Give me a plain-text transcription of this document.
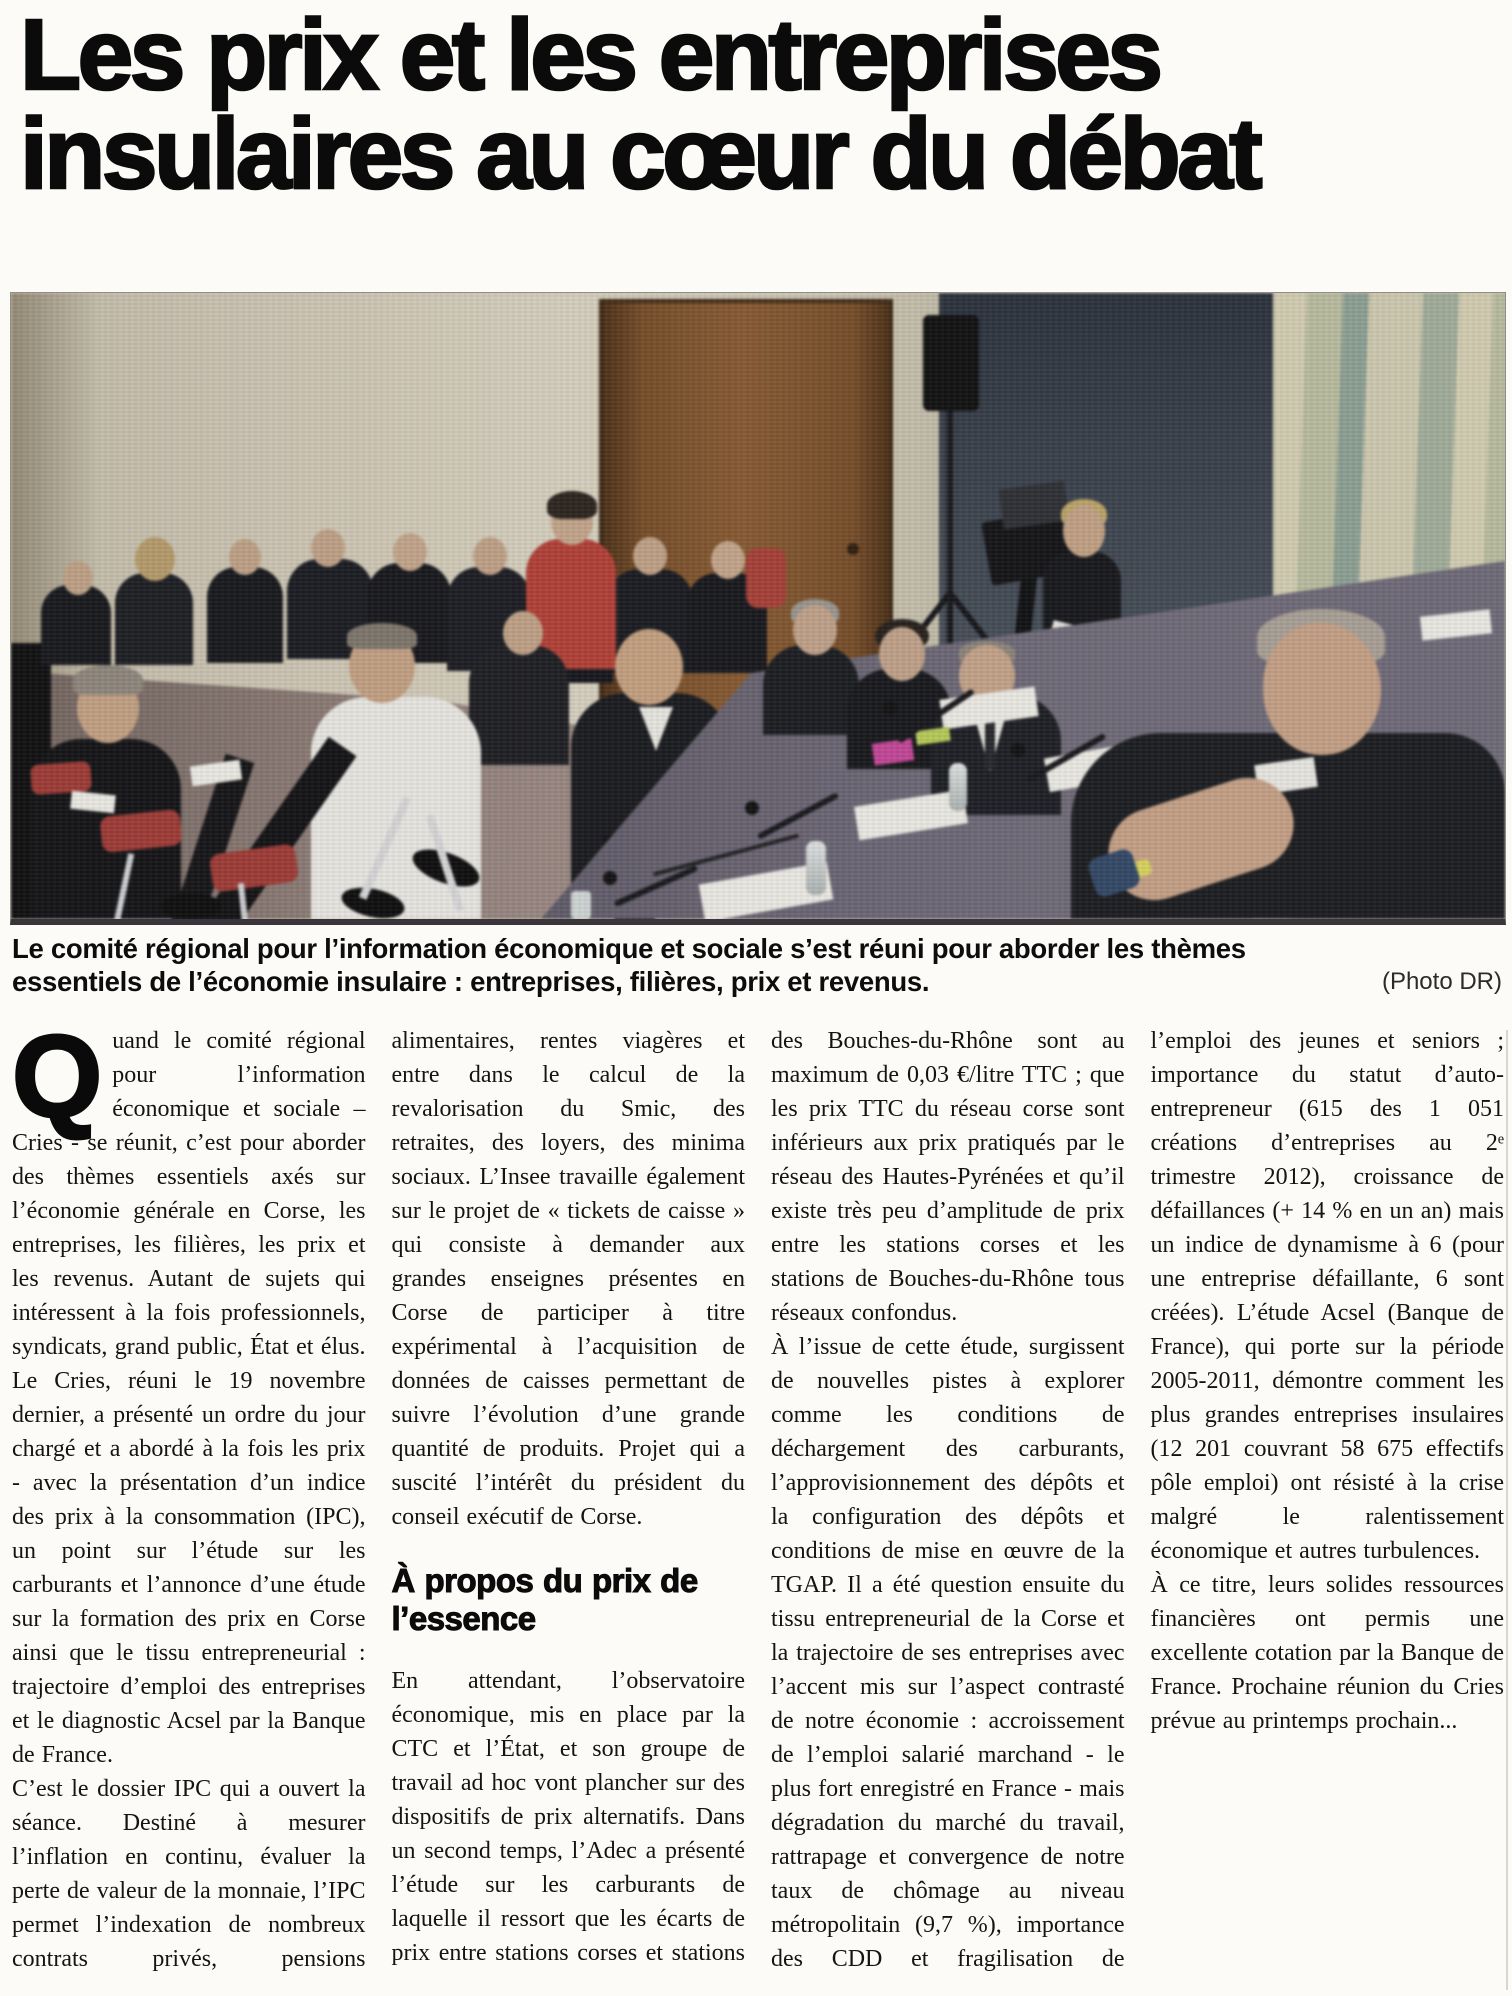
Les prix et les entreprises
insulaires au cœur du débat

Le comité régional pour l’information économique et sociale s’est réuni pour aborder les thèmes essentiels de l’économie insulaire : entreprises, filières, prix et revenus.	(Photo DR)

Quand le comité régional pour l’information économique et sociale – Cries - se réunit, c’est pour aborder des thèmes essentiels axés sur l’économie générale en Corse, les entreprises, les filières, les prix et les revenus. Autant de sujets qui intéressent à la fois professionnels, syndicats, grand public, État et élus. Le Cries, réuni le 19 novembre dernier, a présenté un ordre du jour chargé et a abordé à la fois les prix - avec la présentation d’un indice des prix à la consommation (IPC), un point sur l’étude sur les carburants et l’annonce d’une étude sur la formation des prix en Corse ainsi que le tissu entrepreneurial : trajectoire d’emploi des entreprises et le diagnostic Acsel par la Banque de France.

C’est le dossier IPC qui a ouvert la séance. Destiné à mesurer l’inflation en continu, évaluer la perte de valeur de la monnaie, l’IPC permet l’indexation de nombreux contrats privés, pensions alimentaires, rentes viagères et entre dans le calcul de la revalorisation du Smic, des retraites, des loyers, des minima sociaux. L’Insee travaille également sur le projet de « tickets de caisse » qui consiste à demander aux grandes enseignes présentes en Corse de participer à titre expérimental à l’acquisition de données de caisses permettant de suivre l’évolution d’une grande quantité de produits. Projet qui a suscité l’intérêt du président du conseil exécutif de Corse.

À propos du prix de l’essence

En attendant, l’observatoire économique, mis en place par la CTC et l’État, et son groupe de travail ad hoc vont plancher sur des dispositifs de prix alternatifs. Dans un second temps, l’Adec a présenté l’étude sur les carburants de laquelle il ressort que les écarts de prix entre stations corses et stations des Bouches-du-Rhône sont au maximum de 0,03 €/litre TTC ; que les prix TTC du réseau corse sont inférieurs aux prix pratiqués par le réseau des Hautes-Pyrénées et qu’il existe très peu d’amplitude de prix entre les stations corses et les stations de Bouches-du-Rhône tous réseaux confondus.

À l’issue de cette étude, surgissent de nouvelles pistes à explorer comme les conditions de déchargement des carburants, l’approvisionnement des dépôts et la configuration des dépôts et conditions de mise en œuvre de la TGAP. Il a été question ensuite du tissu entrepreneurial de la Corse et la trajectoire de ses entreprises avec l’accent mis sur l’aspect contrasté de notre économie : accroissement de l’emploi salarié marchand - le plus fort enregistré en France - mais dégradation du marché du travail, rattrapage et convergence de notre taux de chômage au niveau métropolitain (9,7 %), importance des CDD et fragilisation de l’emploi des jeunes et seniors ; importance du statut d’auto-entrepreneur (615 des 1 051 créations d’entreprises au 2ᵉ trimestre 2012), croissance de défaillances (+ 14 % en un an) mais un indice de dynamisme à 6 (pour une entreprise défaillante, 6 sont créées). L’étude Acsel (Banque de France), qui porte sur la période 2005-2011, démontre comment les plus grandes entreprises insulaires (12 201 couvrant 58 675 effectifs pôle emploi) ont résisté à la crise malgré le ralentissement économique et autres turbulences.

À ce titre, leurs solides ressources financières ont permis une excellente cotation par la Banque de France. Prochaine réunion du Cries prévue au printemps prochain...
